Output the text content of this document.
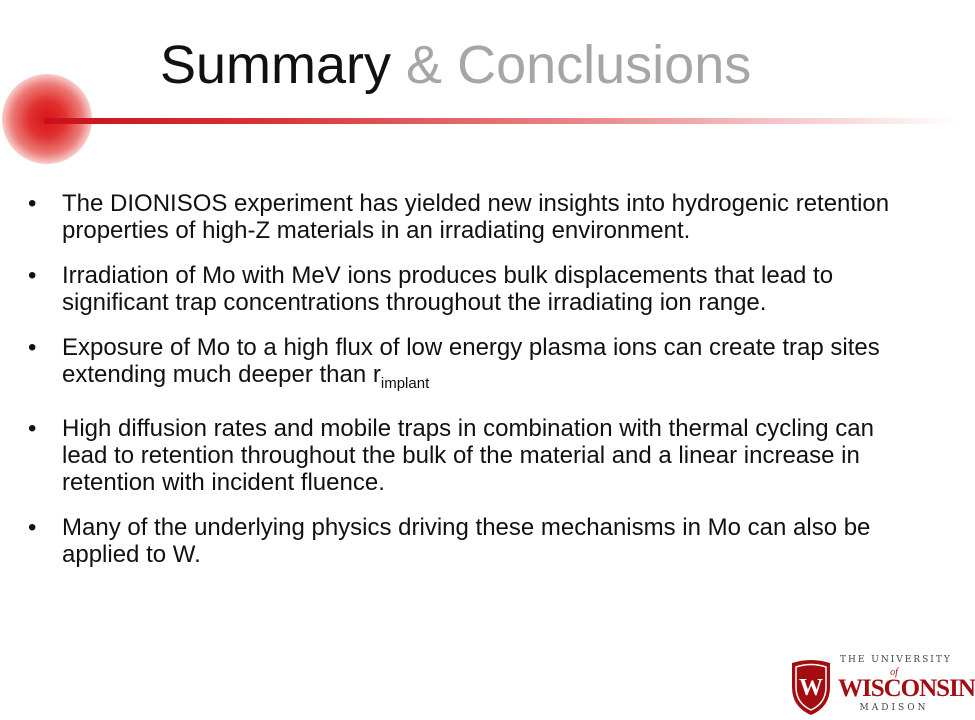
Summary & Conclusions
• The DIONISOS experiment has yielded new insights into hydrogenic retention properties of high-Z materials in an irradiating environment.
• Irradiation of Mo with MeV ions produces bulk displacements that lead to significant trap concentrations throughout the irradiating ion range.
• Exposure of Mo to a high flux of low energy plasma ions can create trap sites extending much deeper than $r_{implant}$
• High diffusion rates and mobile traps in combination with thermal cycling can lead to retention throughout the bulk of the material and a linear increase in retention with incident fluence.
• Many of the underlying physics driving these mechanisms in Mo can also be applied to W.
W
THE UNIVERSITY
of
WISCONSIN
MADISON
